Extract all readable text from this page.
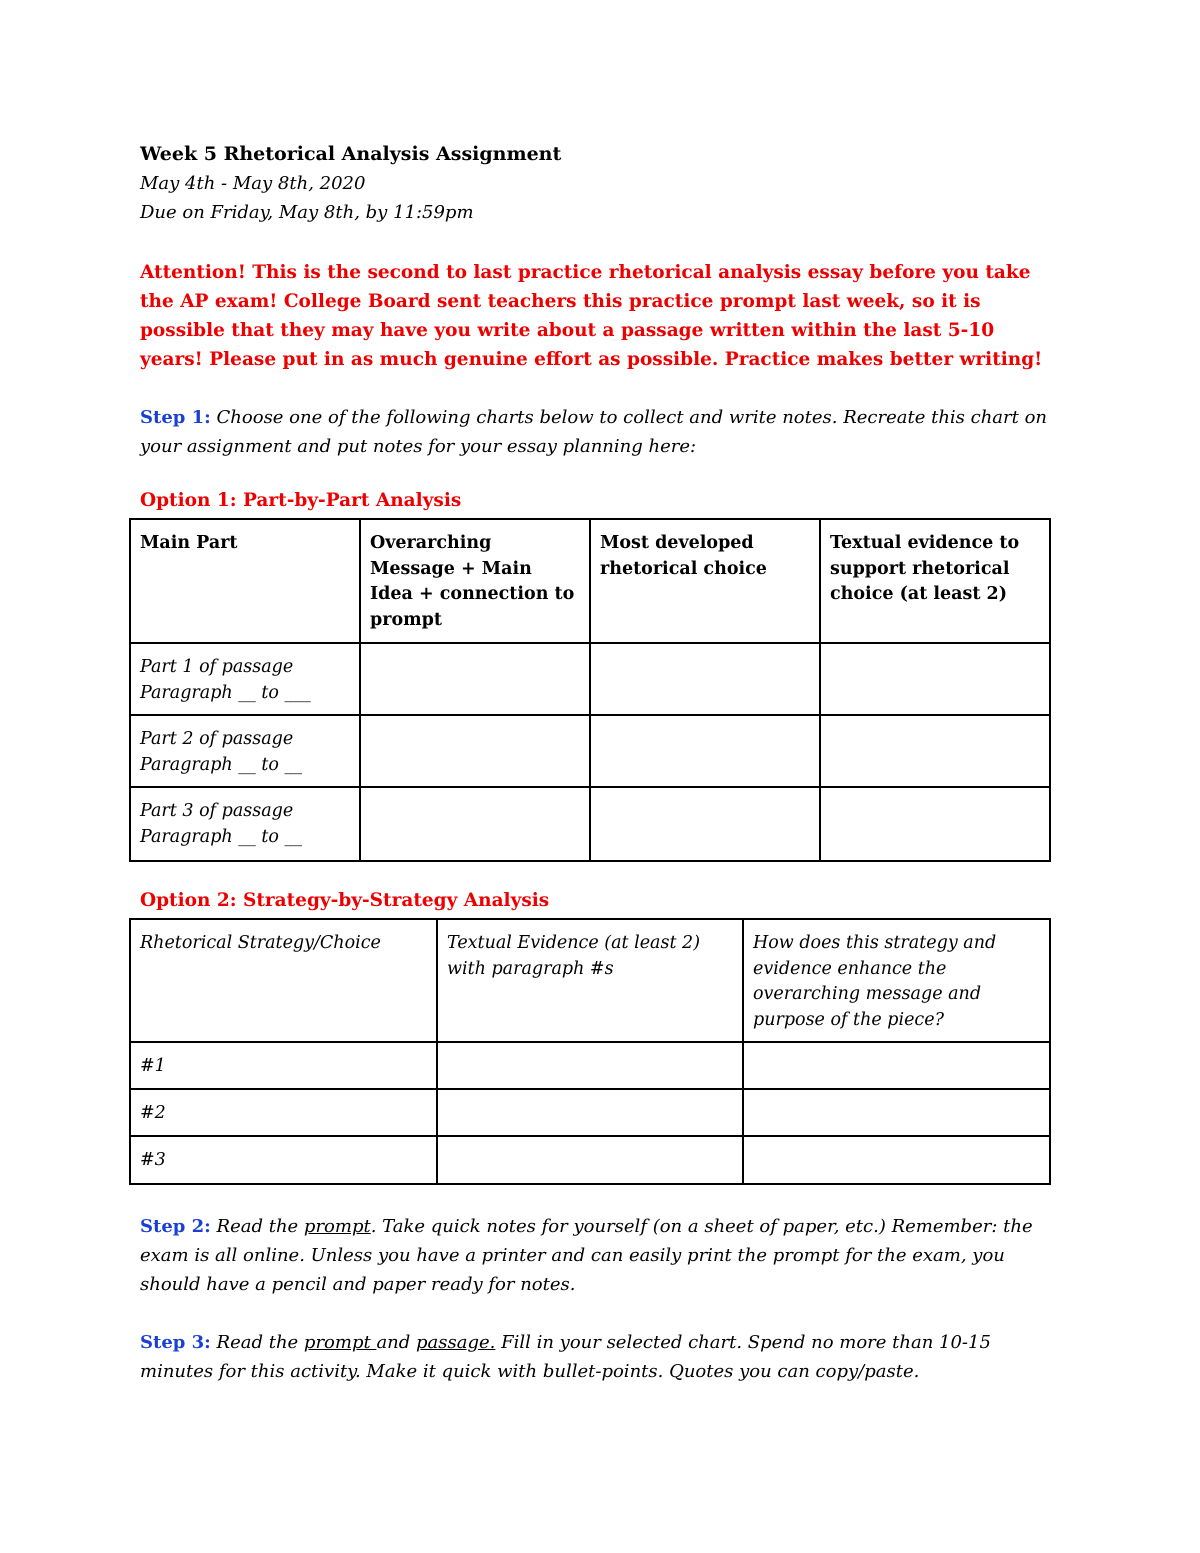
Week 5 Rhetorical Analysis Assignment
May 4th - May 8th, 2020
Due on Friday, May 8th, by 11:59pm
Attention! This is the second to last practice rhetorical analysis essay before you take the AP exam! College Board sent teachers this practice prompt last week, so it is possible that they may have you write about a passage written within the last 5-10 years! Please put in as much genuine effort as possible. Practice makes better writing!
Step 1: Choose one of the following charts below to collect and write notes. Recreate this chart on your assignment and put notes for your essay planning here:
Option 1: Part-by-Part Analysis
Option 2: Strategy-by-Strategy Analysis
Step 2: Read the prompt. Take quick notes for yourself (on a sheet of paper, etc.) Remember: the exam is all online. Unless you have a printer and can easily print the prompt for the exam, you should have a pencil and paper ready for notes.
Step 3: Read the prompt and passage. Fill in your selected chart. Spend no more than 10-15 minutes for this activity. Make it quick with bullet-points. Quotes you can copy/paste.
Main Part	Overarching Message + Main Idea + connection to prompt	Most developed rhetorical choice	Textual evidence to support rhetorical choice (at least 2)

Part 1 of passage
Paragraph __ to ___			

Part 2 of passage
Paragraph __ to __			

Part 3 of passage
Paragraph __ to __			

Rhetorical Strategy/Choice	Textual Evidence (at least 2) with paragraph #s	How does this strategy and evidence enhance the overarching message and purpose of the piece?
#1		
#2		
#3		
